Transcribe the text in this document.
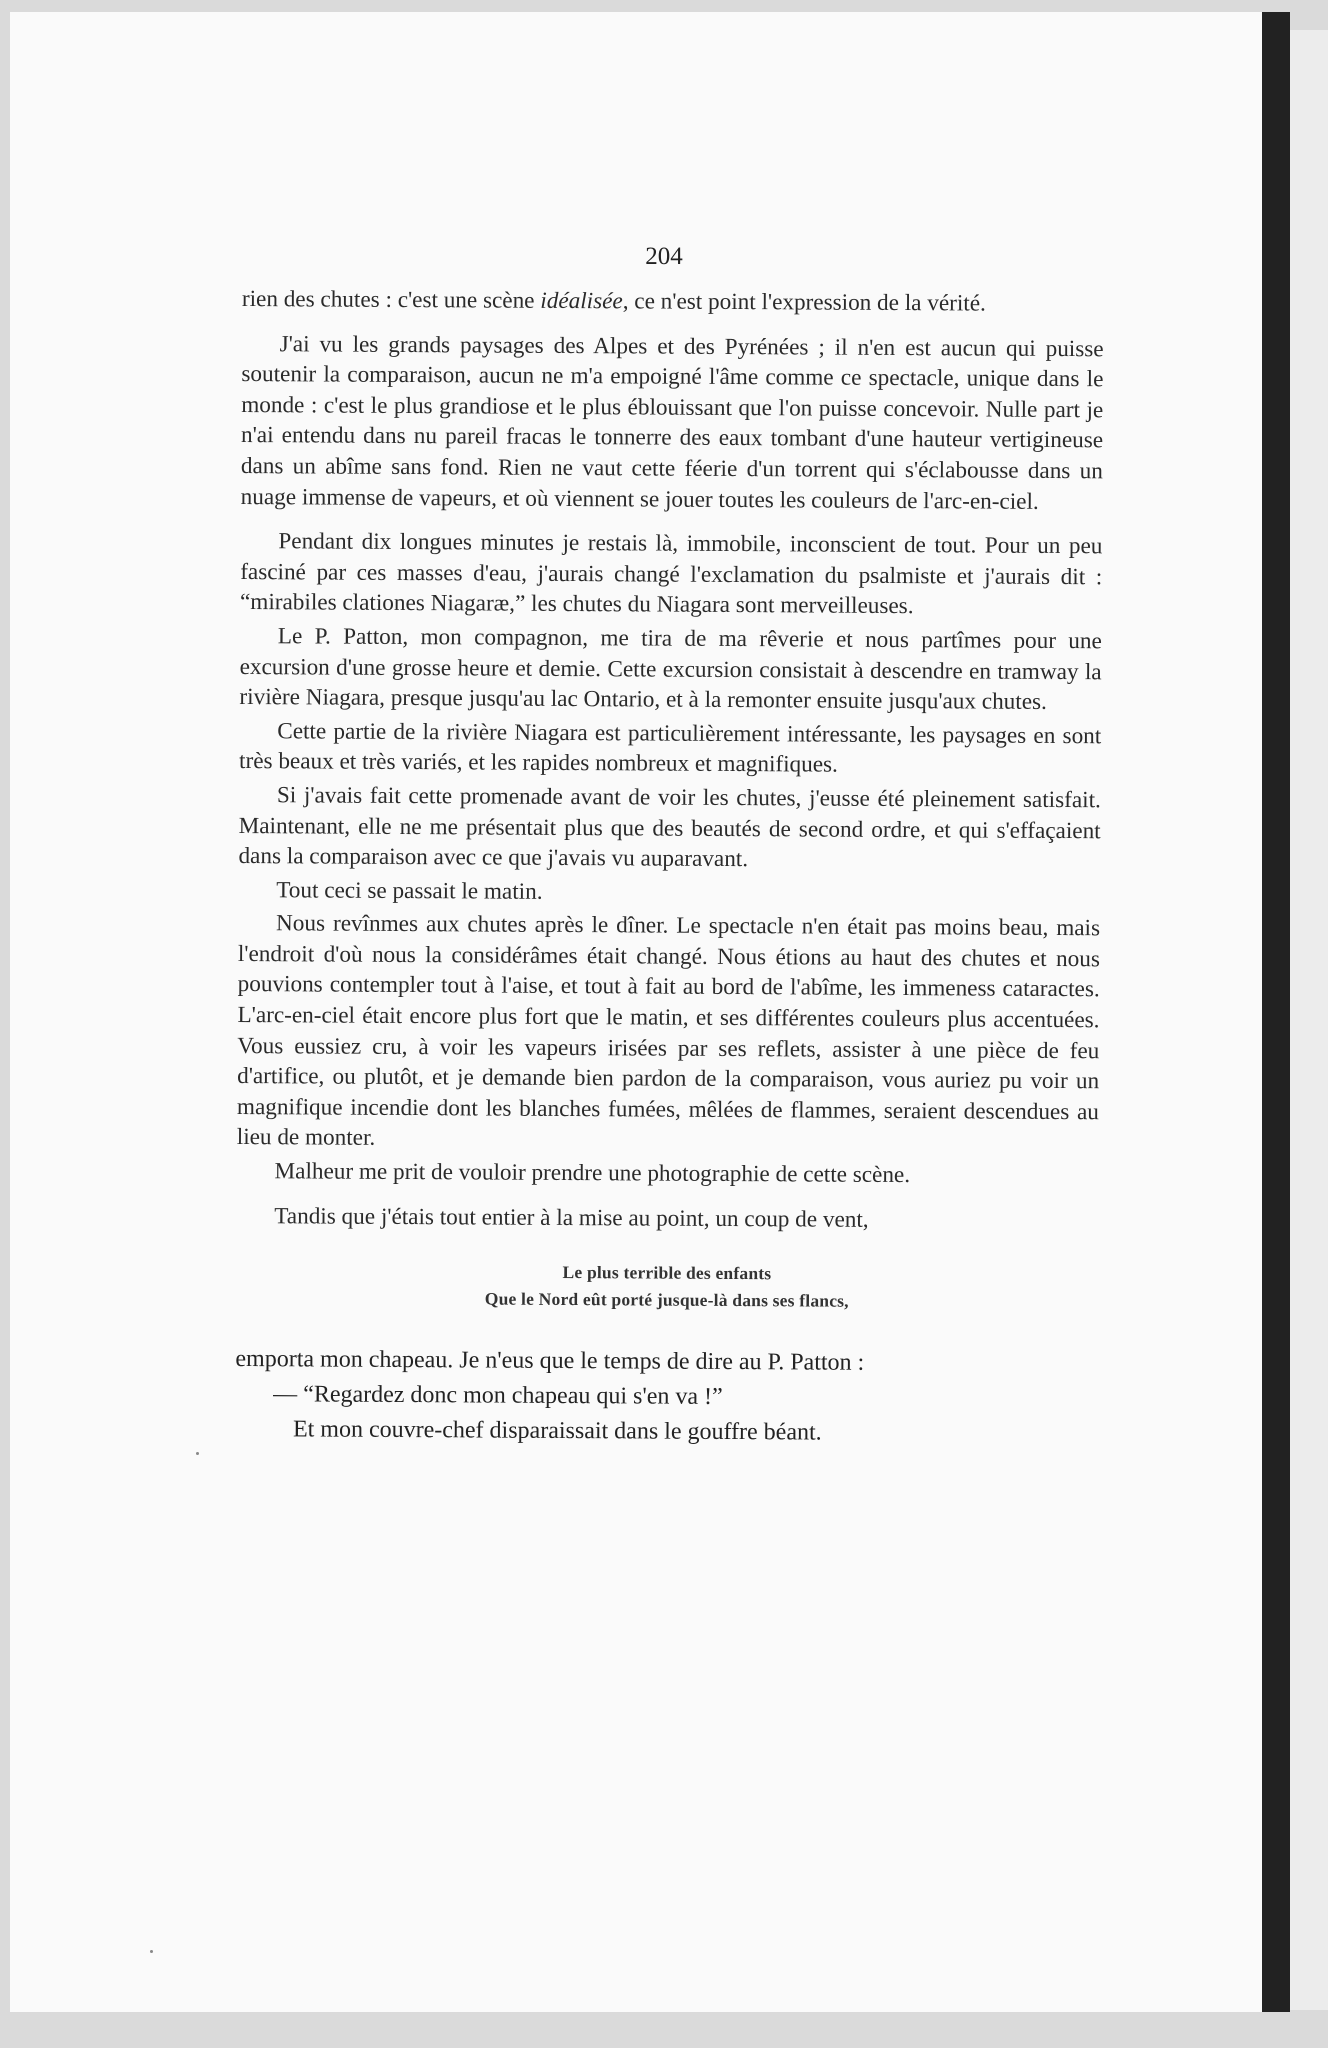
204

rien des chutes : c'est une scène idéalisée, ce n'est point l'expression de la vérité.

J'ai vu les grands paysages des Alpes et des Pyrénées ; il n'en est aucun qui puisse soutenir la comparaison, aucun ne m'a empoigné l'âme comme ce spectacle, unique dans le monde : c'est le plus grandiose et le plus éblouissant que l'on puisse concevoir. Nulle part je n'ai entendu dans nu pareil fracas le tonnerre des eaux tombant d'une hauteur vertigineuse dans un abîme sans fond. Rien ne vaut cette féerie d'un torrent qui s'éclabousse dans un nuage immense de vapeurs, et où viennent se jouer toutes les couleurs de l'arc-en-ciel.

Pendant dix longues minutes je restais là, immobile, inconscient de tout. Pour un peu fasciné par ces masses d'eau, j'aurais changé l'exclamation du psalmiste et j'aurais dit : “mirabiles clationes Niagaræ,” les chutes du Niagara sont merveilleuses.

Le P. Patton, mon compagnon, me tira de ma rêverie et nous partîmes pour une excursion d'une grosse heure et demie. Cette excursion consistait à descendre en tramway la rivière Niagara, presque jusqu'au lac Ontario, et à la remonter ensuite jusqu'aux chutes.

Cette partie de la rivière Niagara est particulièrement intéressante, les paysages en sont très beaux et très variés, et les rapides nombreux et magnifiques.

Si j'avais fait cette promenade avant de voir les chutes, j'eusse été pleinement satisfait. Maintenant, elle ne me présentait plus que des beautés de second ordre, et qui s'effaçaient dans la comparaison avec ce que j'avais vu auparavant.

Tout ceci se passait le matin.

Nous revînmes aux chutes après le dîner. Le spectacle n'en était pas moins beau, mais l'endroit d'où nous la considérâmes était changé. Nous étions au haut des chutes et nous pouvions contempler tout à l'aise, et tout à fait au bord de l'abîme, les immeness cataractes. L'arc-en-ciel était encore plus fort que le matin, et ses différentes couleurs plus accentuées. Vous eussiez cru, à voir les vapeurs irisées par ses reflets, assister à une pièce de feu d'artifice, ou plutôt, et je demande bien pardon de la comparaison, vous auriez pu voir un magnifique incendie dont les blanches fumées, mêlées de flammes, seraient descendues au lieu de monter.

Malheur me prit de vouloir prendre une photographie de cette scène.

Tandis que j'étais tout entier à la mise au point, un coup de vent,

Le plus terrible des enfants
Que le Nord eût porté jusque-là dans ses flancs,

emporta mon chapeau. Je n'eus que le temps de dire au P. Patton :

— “Regardez donc mon chapeau qui s'en va !”

Et mon couvre-chef disparaissait dans le gouffre béant.
